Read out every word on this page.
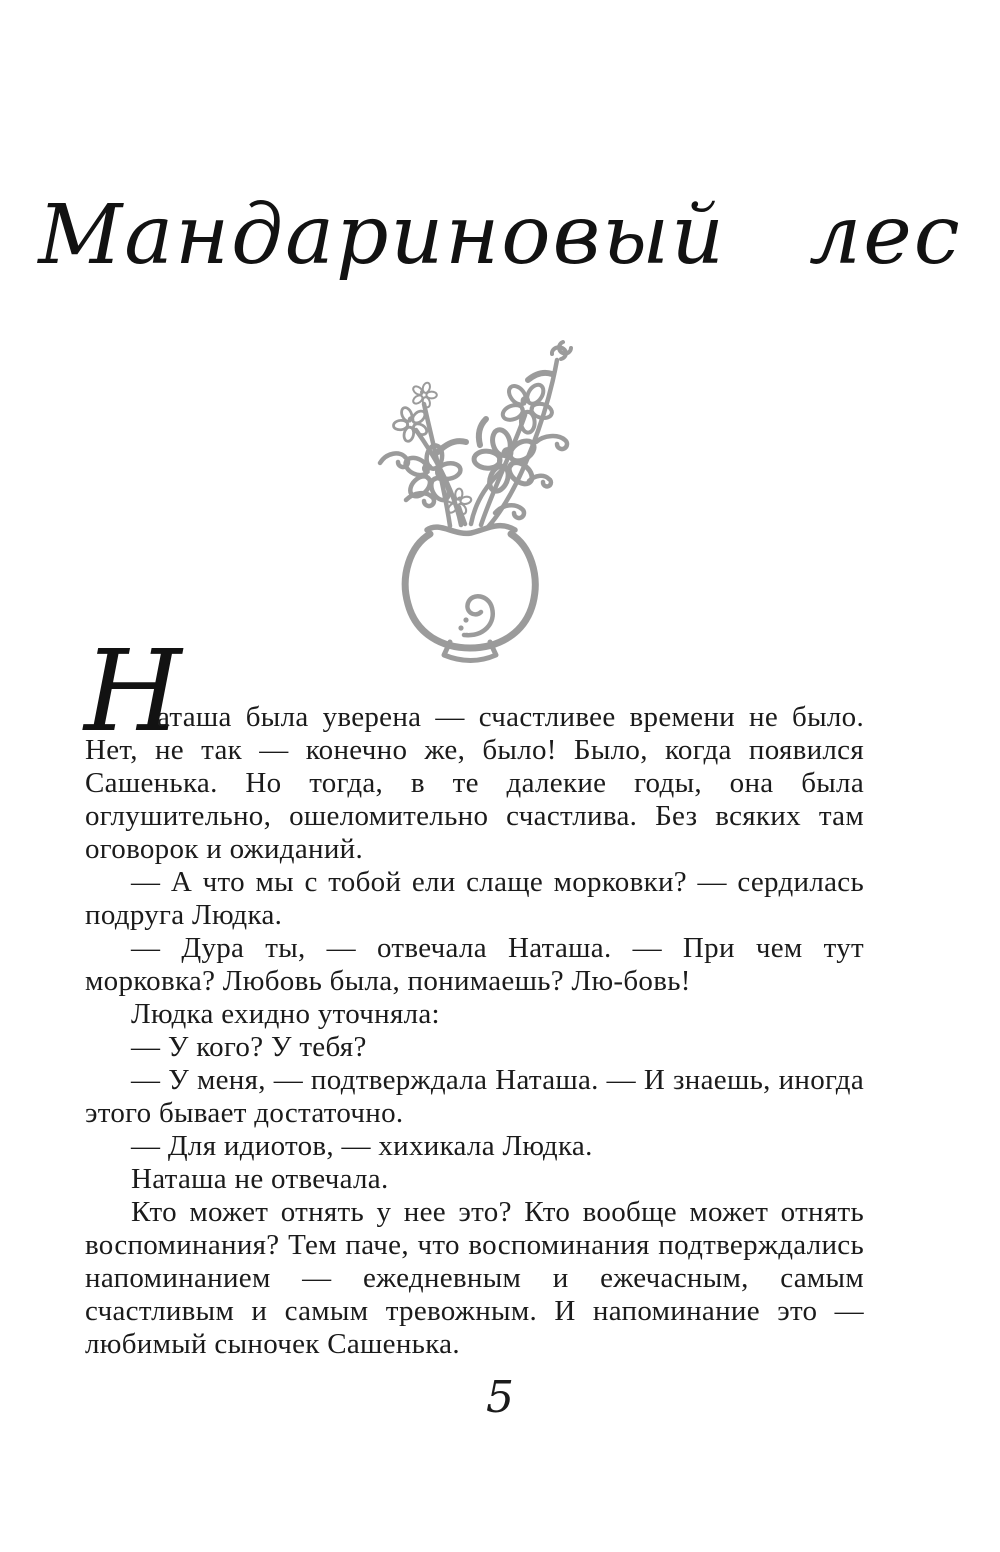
Мандариновый лес
Н

аташа была уверена — счастливее времени не было. Нет, не так — конечно же, было! Было, когда появился Сашенька. Но тогда, в те далекие годы, она была оглушительно, ошеломительно счастлива. Без всяких там оговорок и ожиданий.

— А что мы с тобой ели слаще морковки? — сердилась подруга Людка.

— Дура ты, — отвечала Наташа. — При чем тут морковка? Любовь была, понимаешь? Лю-бовь!

Людка ехидно уточняла:

— У кого? У тебя?

— У меня, — подтверждала Наташа. — И знаешь, иногда этого бывает достаточно.

— Для идиотов, — хихикала Людка.

Наташа не отвечала.

Кто может отнять у нее это? Кто вообще может отнять воспоминания? Тем паче, что воспоминания подтверждались напоминанием — ежедневным и ежечасным, самым счастливым и самым тревожным. И напоминание это — любимый сыночек Сашенька.

5
